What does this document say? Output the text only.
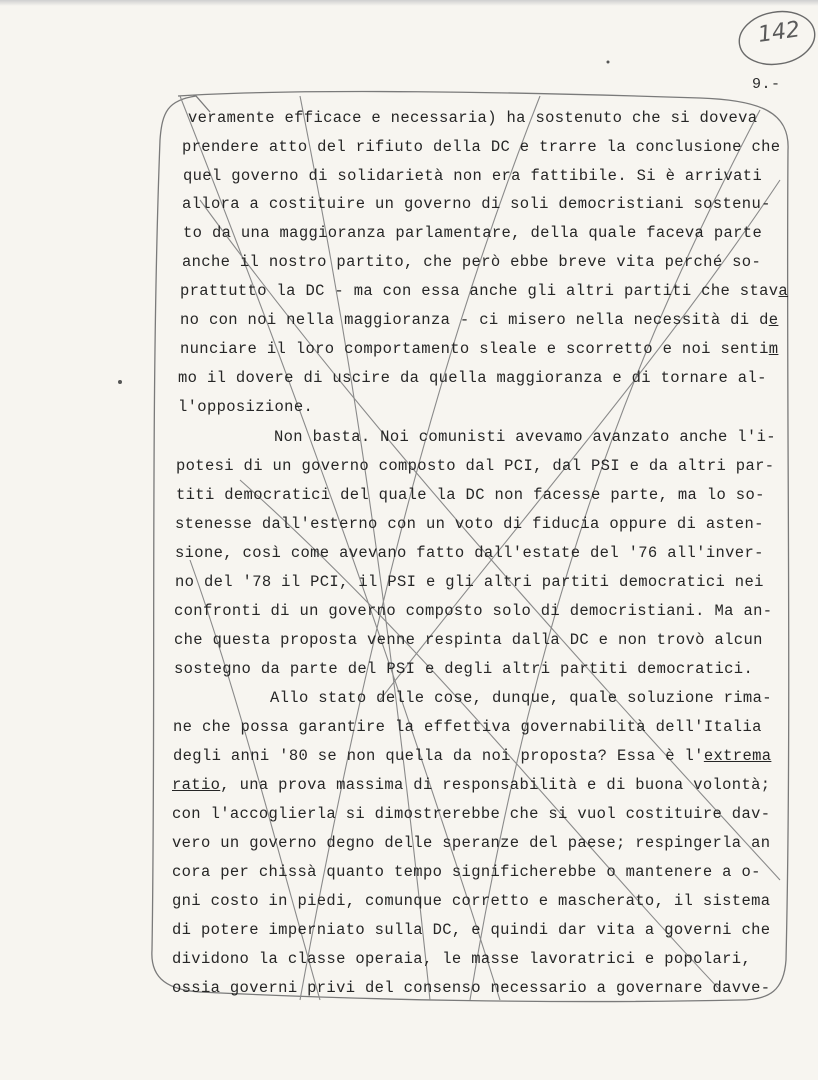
142
9.-
veramente efficace e necessaria) ha sostenuto che si doveva
prendere atto del rifiuto della DC e trarre la conclusione che
quel governo di solidarietà non era fattibile. Si è arrivati
allora a costituire un governo di soli democristiani sostenu-
to da una maggioranza parlamentare, della quale faceva parte
anche il nostro partito, che però ebbe breve vita perché so-
prattutto la DC - ma con essa anche gli altri partiti che stava
no con noi nella maggioranza - ci misero nella necessità di de
nunciare il loro comportamento sleale e scorretto e noi sentim
mo il dovere di uscire da quella maggioranza e di tornare al-
l'opposizione.
Non basta. Noi comunisti avevamo avanzato anche l'i-
potesi di un governo composto dal PCI, dal PSI e da altri par-
titi democratici del quale la DC non facesse parte, ma lo so-
stenesse dall'esterno con un voto di fiducia oppure di asten-
sione, così come avevano fatto dall'estate del '76 all'inver-
no del '78 il PCI, il PSI e gli altri partiti democratici nei
confronti di un governo composto solo di democristiani. Ma an-
che questa proposta venne respinta dalla DC e non trovò alcun
sostegno da parte del PSI e degli altri partiti democratici.
Allo stato delle cose, dunque, quale soluzione rima-
ne che possa garantire la effettiva governabilità dell'Italia
degli anni '80 se non quella da noi proposta? Essa è l'extrema
ratio, una prova massima di responsabilità e di buona volontà;
con l'accoglierla si dimostrerebbe che si vuol costituire dav-
vero un governo degno delle speranze del paese; respingerla an
cora per chissà quanto tempo significherebbe o mantenere a o-
gni costo in piedi, comunque corretto e mascherato, il sistema
di potere imperniato sulla DC, e quindi dar vita a governi che
dividono la classe operaia, le masse lavoratrici e popolari,
ossia governi privi del consenso necessario a governare davve-
